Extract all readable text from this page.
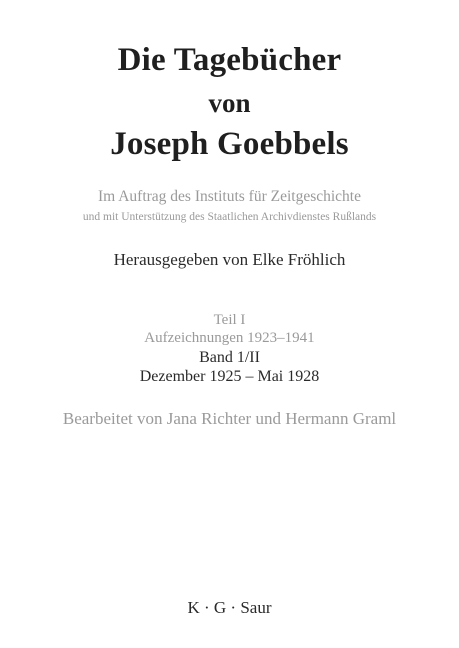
Die Tagebücher
von
Joseph Goebbels
Im Auftrag des Instituts für Zeitgeschichte
und mit Unterstützung des Staatlichen Archivdienstes Rußlands
Herausgegeben von Elke Fröhlich
Teil I
Aufzeichnungen 1923–1941
Band 1/II
Dezember 1925 – Mai 1928
Bearbeitet von Jana Richter und Hermann Graml
K · G · Saur
